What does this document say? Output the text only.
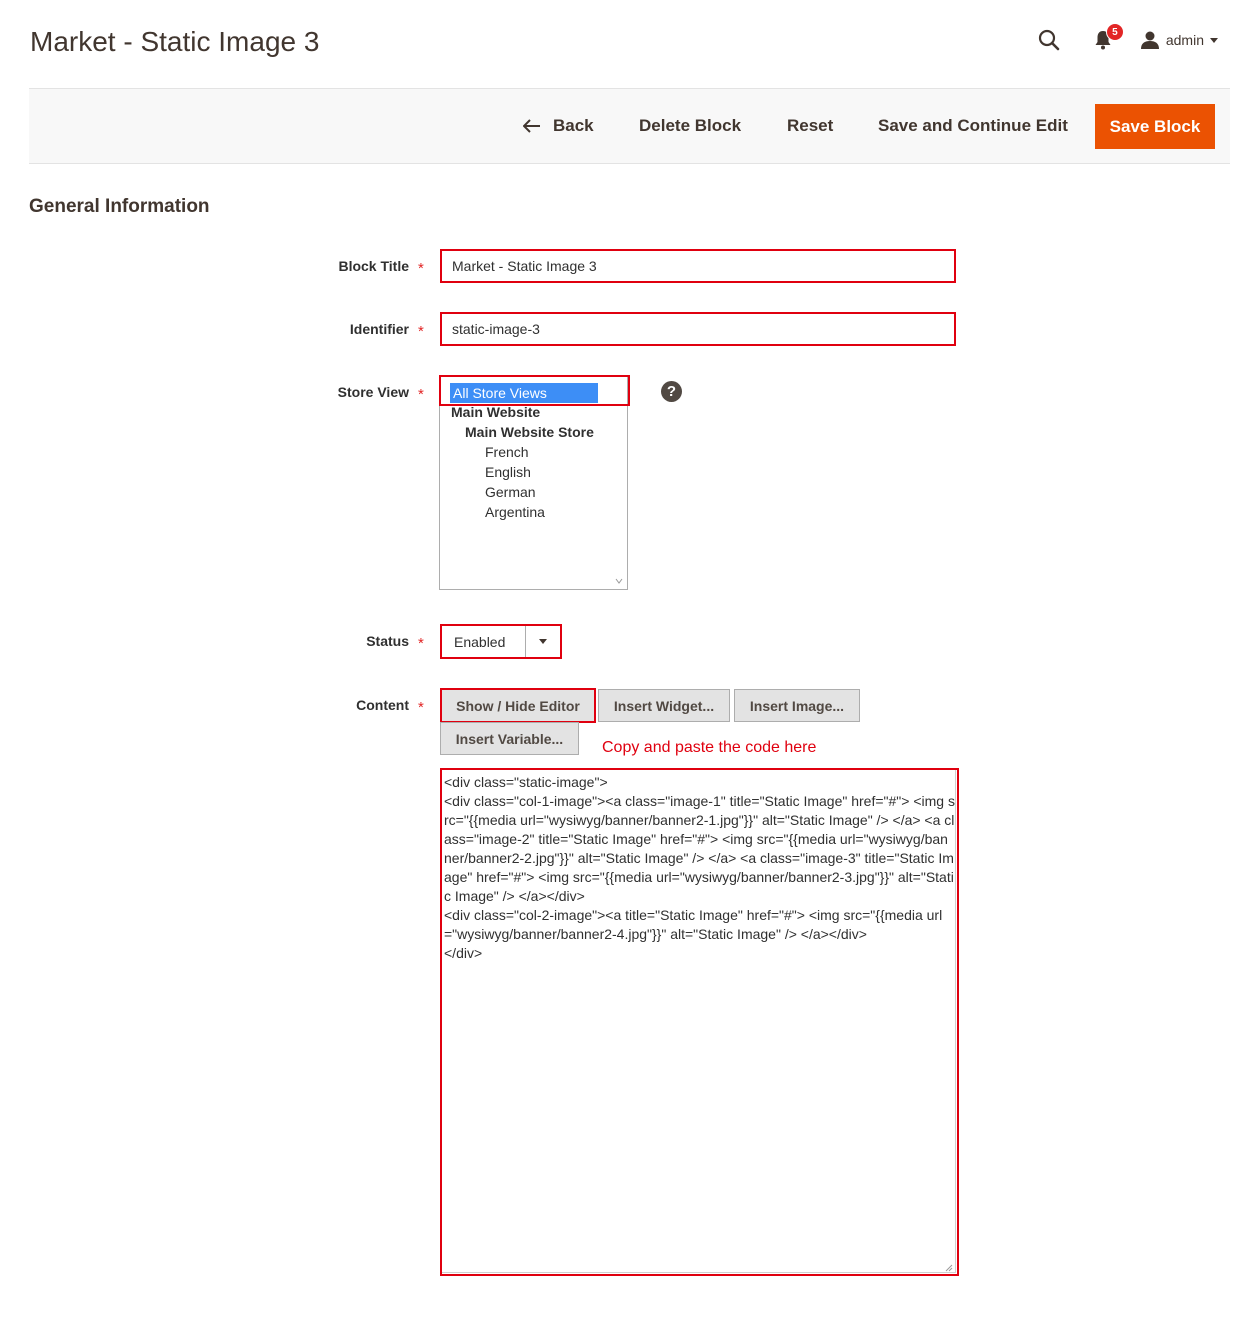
Market - Static Image 3	5	admin
Back	Delete Block	Reset	Save and Continue Edit	Save Block
General Information
Block Title *
Market - Static Image 3
Identifier *
static-image-3
Store View * All Store Views
Main Website
Main Website Store
French
English
German
Argentina
?
Status *	Enabled
Content *	Show / Hide Editor	Insert Widget...	Insert Image...
Insert Variable...
Copy and paste the code here
<div class="static-image"> <div class="col-1-image"><a class="image-1" title="Static Image" href="#"> <img src="{{media url="wysiwyg/banner/banner2-1.jpg"}}" alt="Static Image" /> </a> <a class="image-2" title="Static Image" href="#"> <img src="{{media url="wysiwyg/banner/banner2-2.jpg"}}" alt="Static Image" /> </a> <a class="image-3" title="Static Image" href="#"> <img src="{{media url="wysiwyg/banner/banner2-3.jpg"}}" alt="Static Image" /> </a></div> <div class="col-2-image"><a title="Static Image" href="#"> <img src="{{media url="wysiwyg/banner/banner2-4.jpg"}}" alt="Static Image" /> </a></div> </div>
